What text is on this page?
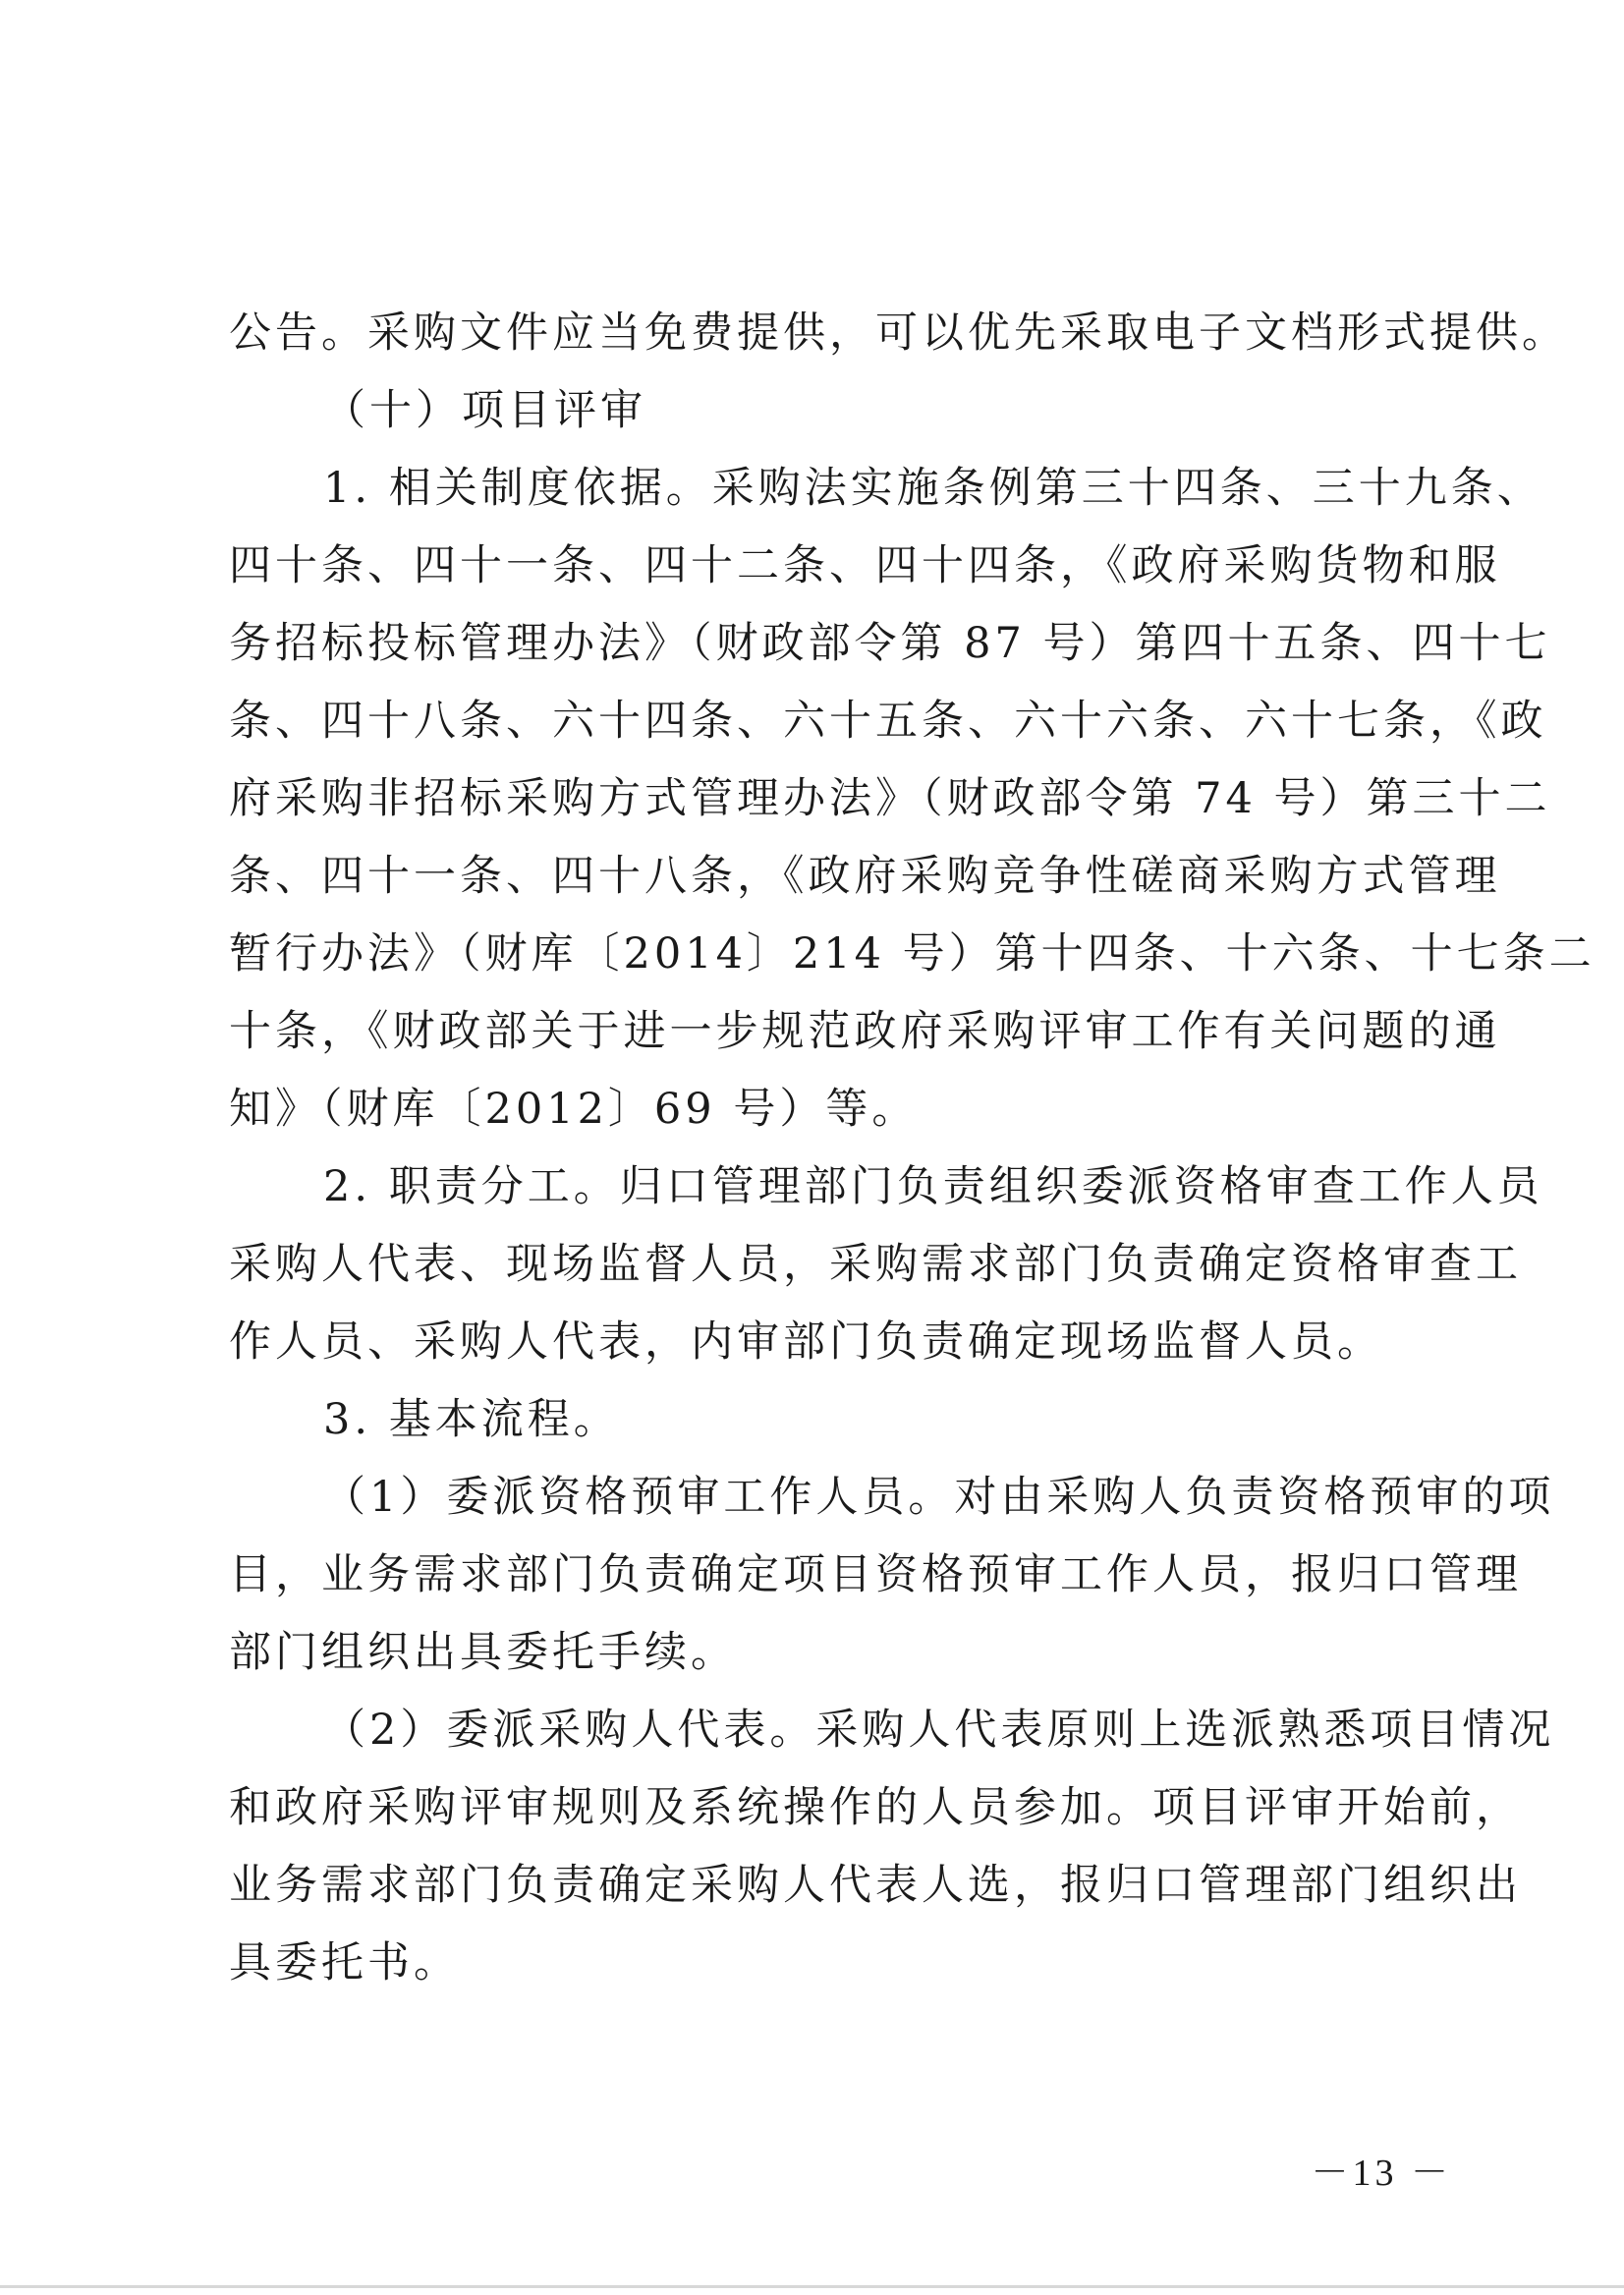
公告。采购文件应当免费提供，可以优先采取电子文档形式提供。
（十）项目评审
1. 相关制度依据。采购法实施条例第三十四条、三十九条、
四十条、四十一条、四十二条、四十四条，《政府采购货物和服
务招标投标管理办法》（财政部令第 87 号）第四十五条、四十七
条、四十八条、六十四条、六十五条、六十六条、六十七条，《政
府采购非招标采购方式管理办法》（财政部令第 74 号）第三十二
条、四十一条、四十八条，《政府采购竞争性磋商采购方式管理
暂行办法》（财库〔2014〕214 号）第十四条、十六条、十七条二
十条，《财政部关于进一步规范政府采购评审工作有关问题的通
知》（财库〔2012〕69 号）等。
2. 职责分工。归口管理部门负责组织委派资格审查工作人员
采购人代表、现场监督人员，采购需求部门负责确定资格审查工
作人员、采购人代表，内审部门负责确定现场监督人员。
3. 基本流程。
（1）委派资格预审工作人员。对由采购人负责资格预审的项
目，业务需求部门负责确定项目资格预审工作人员，报归口管理
部门组织出具委托手续。
（2）委派采购人代表。采购人代表原则上选派熟悉项目情况
和政府采购评审规则及系统操作的人员参加。项目评审开始前，
业务需求部门负责确定采购人代表人选，报归口管理部门组织出
具委托书。
－13 －
